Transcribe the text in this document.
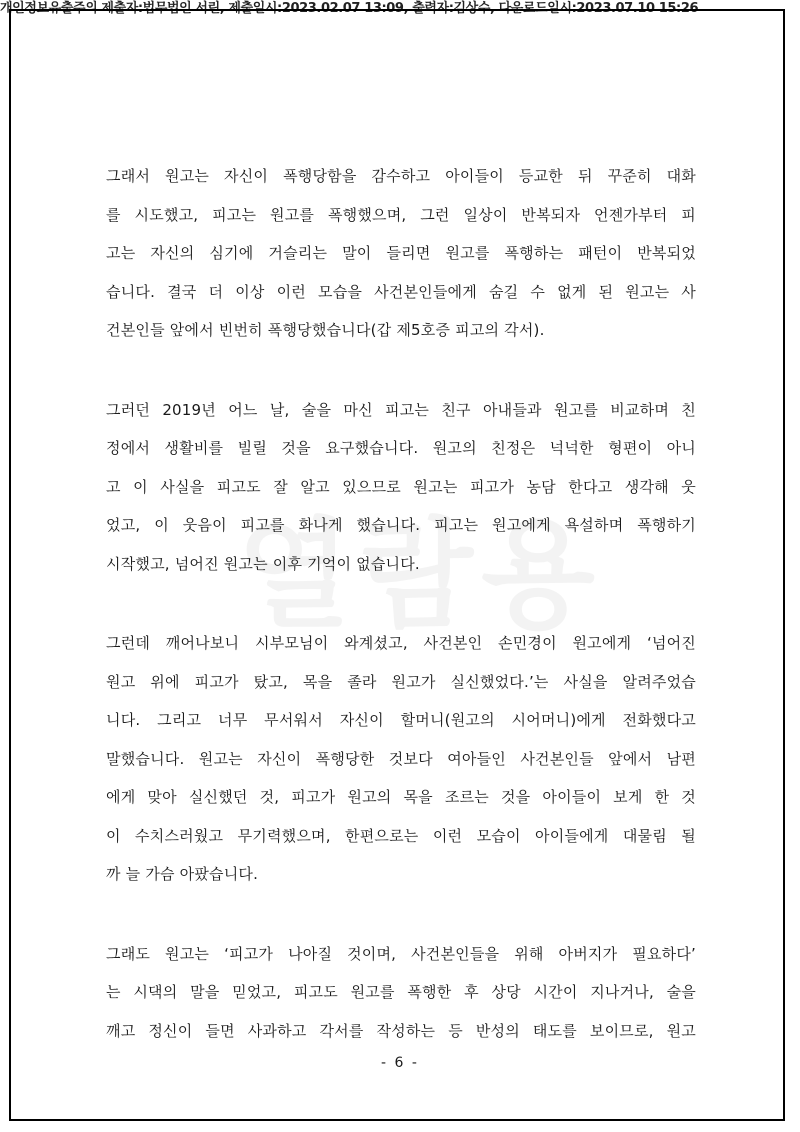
개인정보유출주의 제출자:법무법인 서린, 제출일시:2023.02.07 13:09, 출력자:김상수, 다운로드일시:2023.07.10 15:26
그래서 원고는 자신이 폭행당함을 감수하고 아이들이 등교한 뒤 꾸준히 대화
를 시도했고, 피고는 원고를 폭행했으며, 그런 일상이 반복되자 언젠가부터 피
고는 자신의 심기에 거슬리는 말이 들리면 원고를 폭행하는 패턴이 반복되었
습니다. 결국 더 이상 이런 모습을 사건본인들에게 숨길 수 없게 된 원고는 사
건본인들 앞에서 빈번히 폭행당했습니다(갑 제5호증 피고의 각서).
그러던 2019년 어느 날, 술을 마신 피고는 친구 아내들과 원고를 비교하며 친
정에서 생활비를 빌릴 것을 요구했습니다. 원고의 친정은 넉넉한 형편이 아니
고 이 사실을 피고도 잘 알고 있으므로 원고는 피고가 농담 한다고 생각해 웃
었고, 이 웃음이 피고를 화나게 했습니다. 피고는 원고에게 욕설하며 폭행하기
시작했고, 넘어진 원고는 이후 기억이 없습니다.
그런데 깨어나보니 시부모님이 와계셨고, 사건본인 손민경이 원고에게 ‘넘어진
원고 위에 피고가 탔고, 목을 졸라 원고가 실신했었다.’는 사실을 알려주었습
니다. 그리고 너무 무서워서 자신이 할머니(원고의 시어머니)에게 전화했다고
말했습니다. 원고는 자신이 폭행당한 것보다 여아들인 사건본인들 앞에서 남편
에게 맞아 실신했던 것, 피고가 원고의 목을 조르는 것을 아이들이 보게 한 것
이 수치스러웠고 무기력했으며, 한편으로는 이런 모습이 아이들에게 대물림 될
까 늘 가슴 아팠습니다.
그래도 원고는 ‘피고가 나아질 것이며, 사건본인들을 위해 아버지가 필요하다’
는 시댁의 말을 믿었고, 피고도 원고를 폭행한 후 상당 시간이 지나거나, 술을
깨고 정신이 들면 사과하고 각서를 작성하는 등 반성의 태도를 보이므로, 원고
- 6 -
